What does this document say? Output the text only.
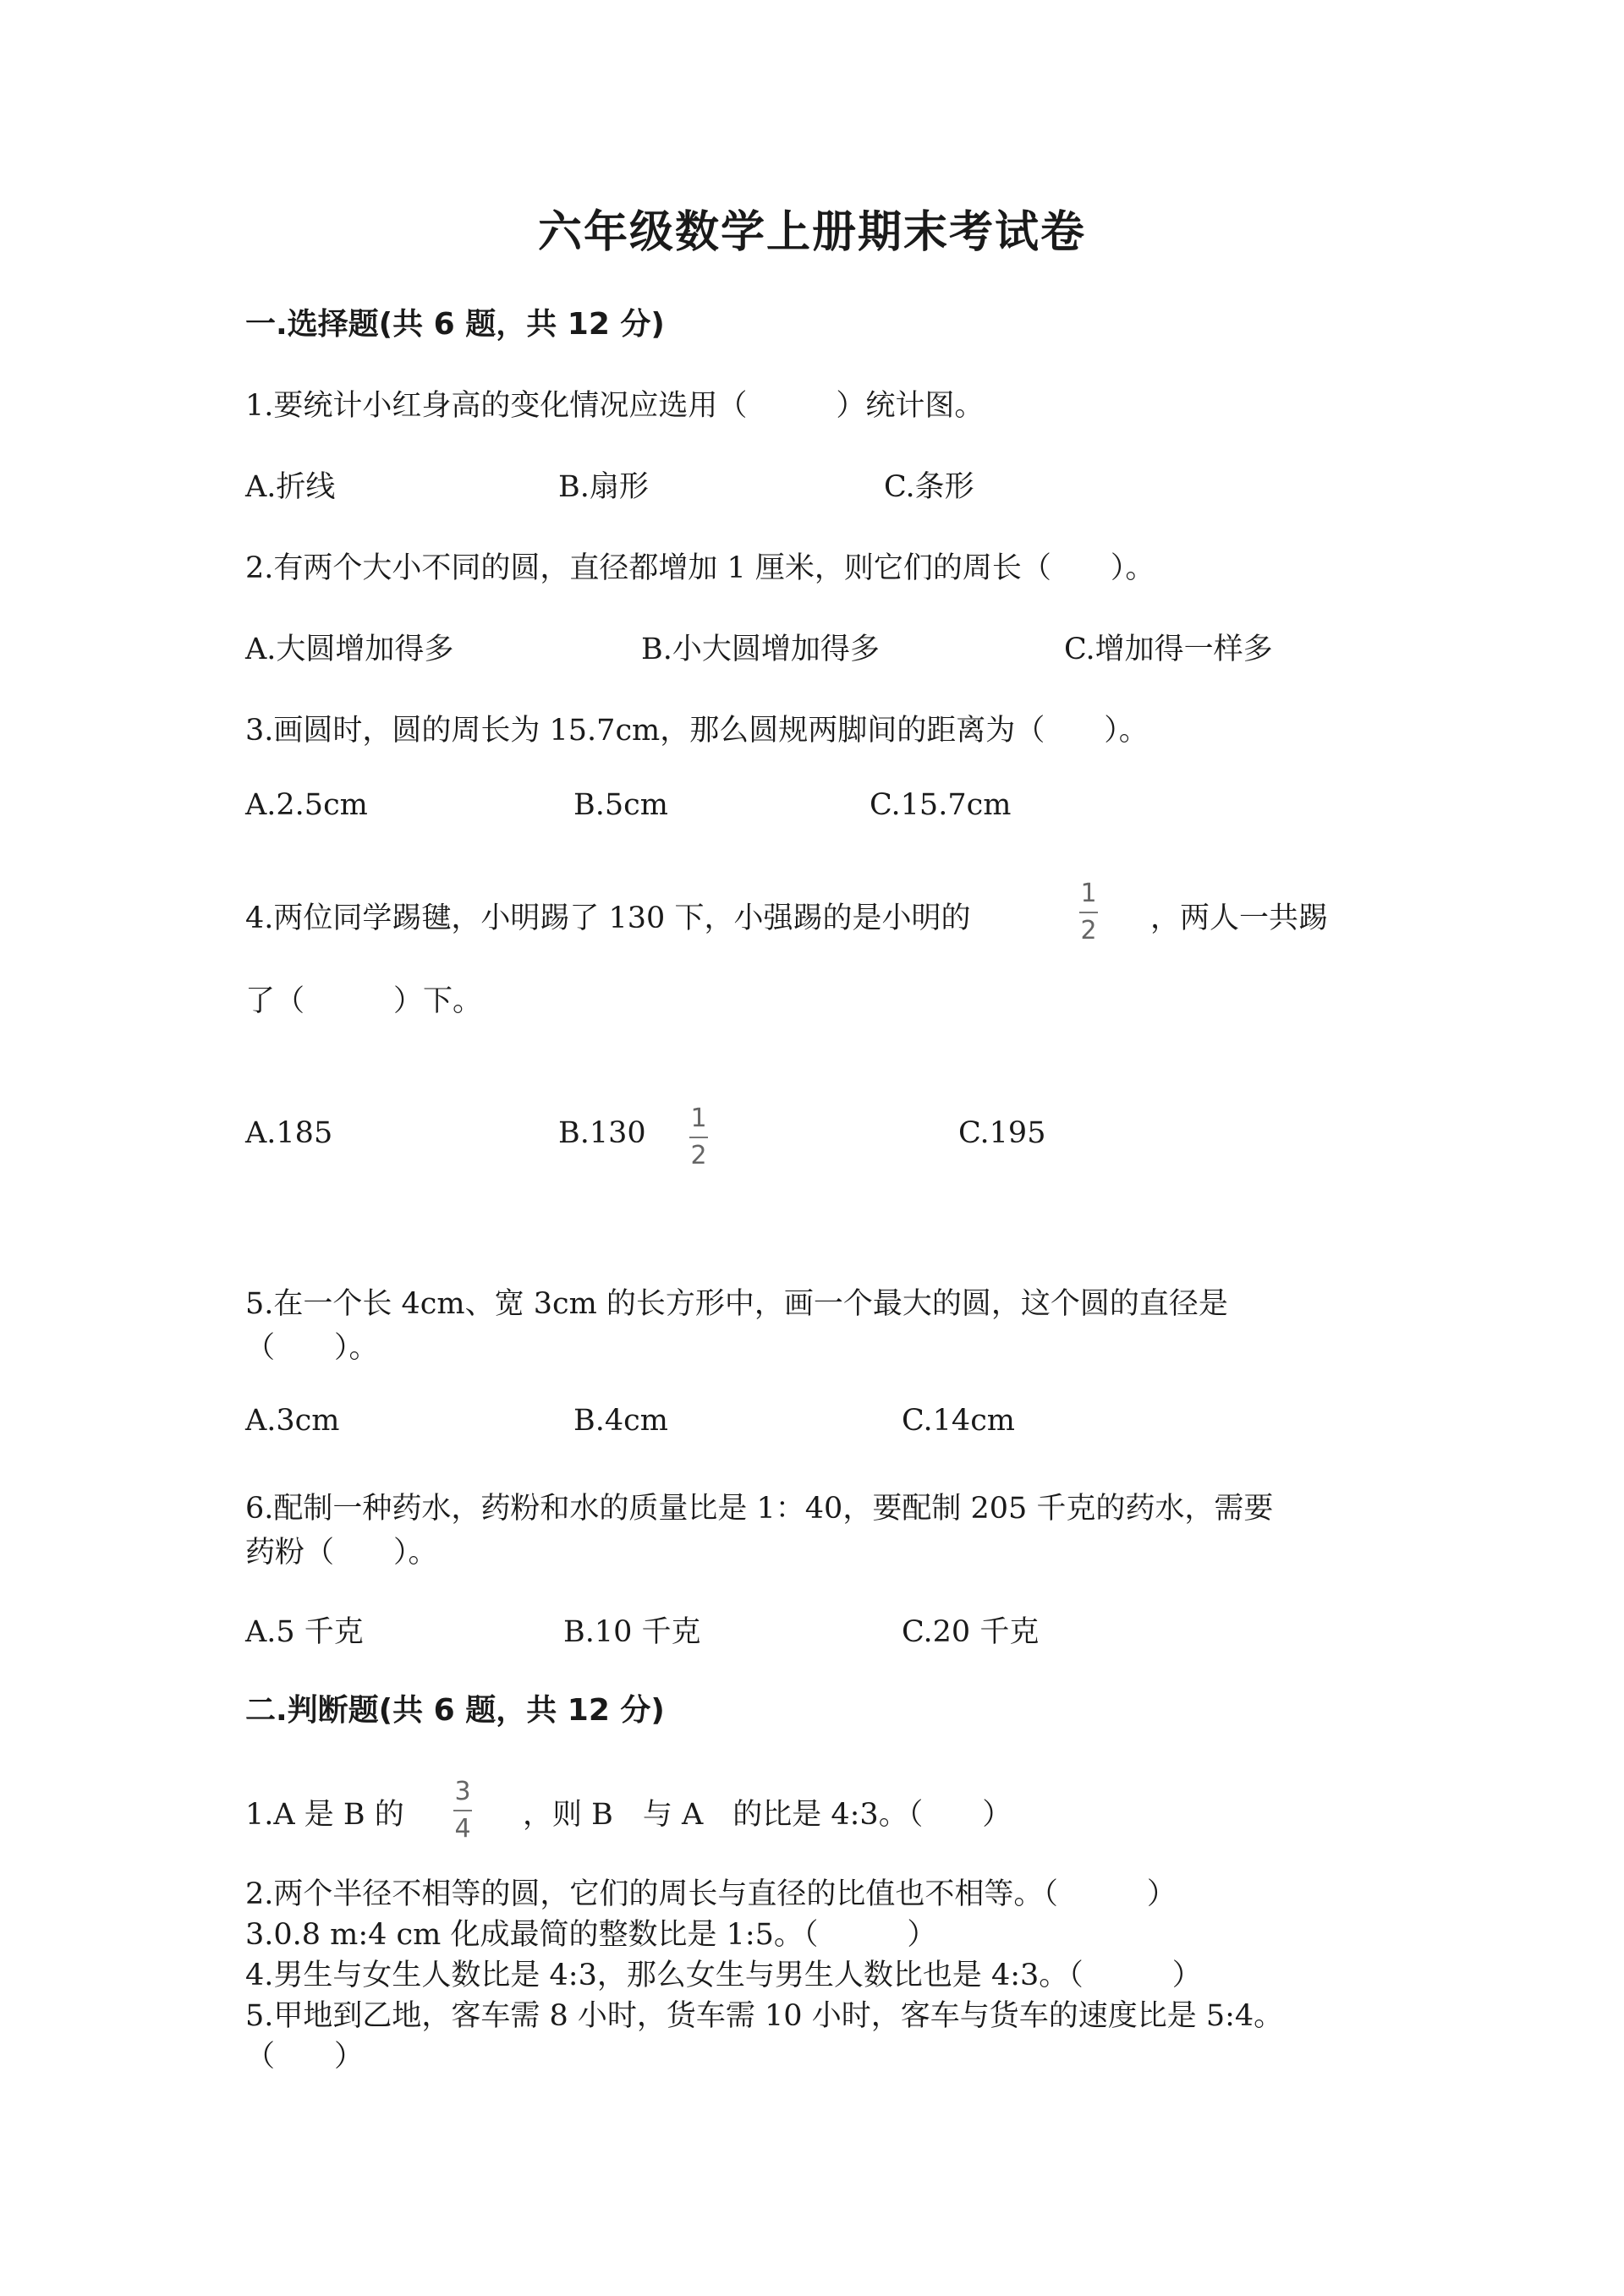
六年级数学上册期末考试卷
一.选择题(共 6 题，共 12 分)
1.要统计小红身高的变化情况应选用（　　　）统计图。
A.折线	B.扇形	C.条形
2.有两个大小不同的圆，直径都增加 1 厘米，则它们的周长（　　）。
A.大圆增加得多	B.小大圆增加得多	C.增加得一样多
3.画圆时，圆的周长为 15.7cm，那么圆规两脚间的距离为（　　）。
A.2.5cm	B.5cm	C.15.7cm
4.两位同学踢毽，小明踢了 130 下，小强踢的是小明的
1
2 ，两人一共踢
了（　　　）下。
A.185	B.130 1
2
C.195
5.在一个长 4cm、宽 3cm 的长方形中，画一个最大的圆，这个圆的直径是
（　　）。
A.3cm	B.4cm	C.14cm
6.配制一种药水，药粉和水的质量比是 1：40，要配制 205 千克的药水，需要
药粉（　　）。
A.5 千克	B.10 千克	C.20 千克
二.判断题(共 6 题，共 12 分)
1.A 是 B 的
3
4 ，则 B　与 A　的比是 4:3。（　　）
2.两个半径不相等的圆，它们的周长与直径的比值也不相等。（　　　）
3.0.8 m:4 cm 化成最简的整数比是 1:5。（　　　）
4.男生与女生人数比是 4:3，那么女生与男生人数比也是 4:3。（　　　）
5.甲地到乙地，客车需 8 小时，货车需 10 小时，客车与货车的速度比是 5:4。
（　　）
